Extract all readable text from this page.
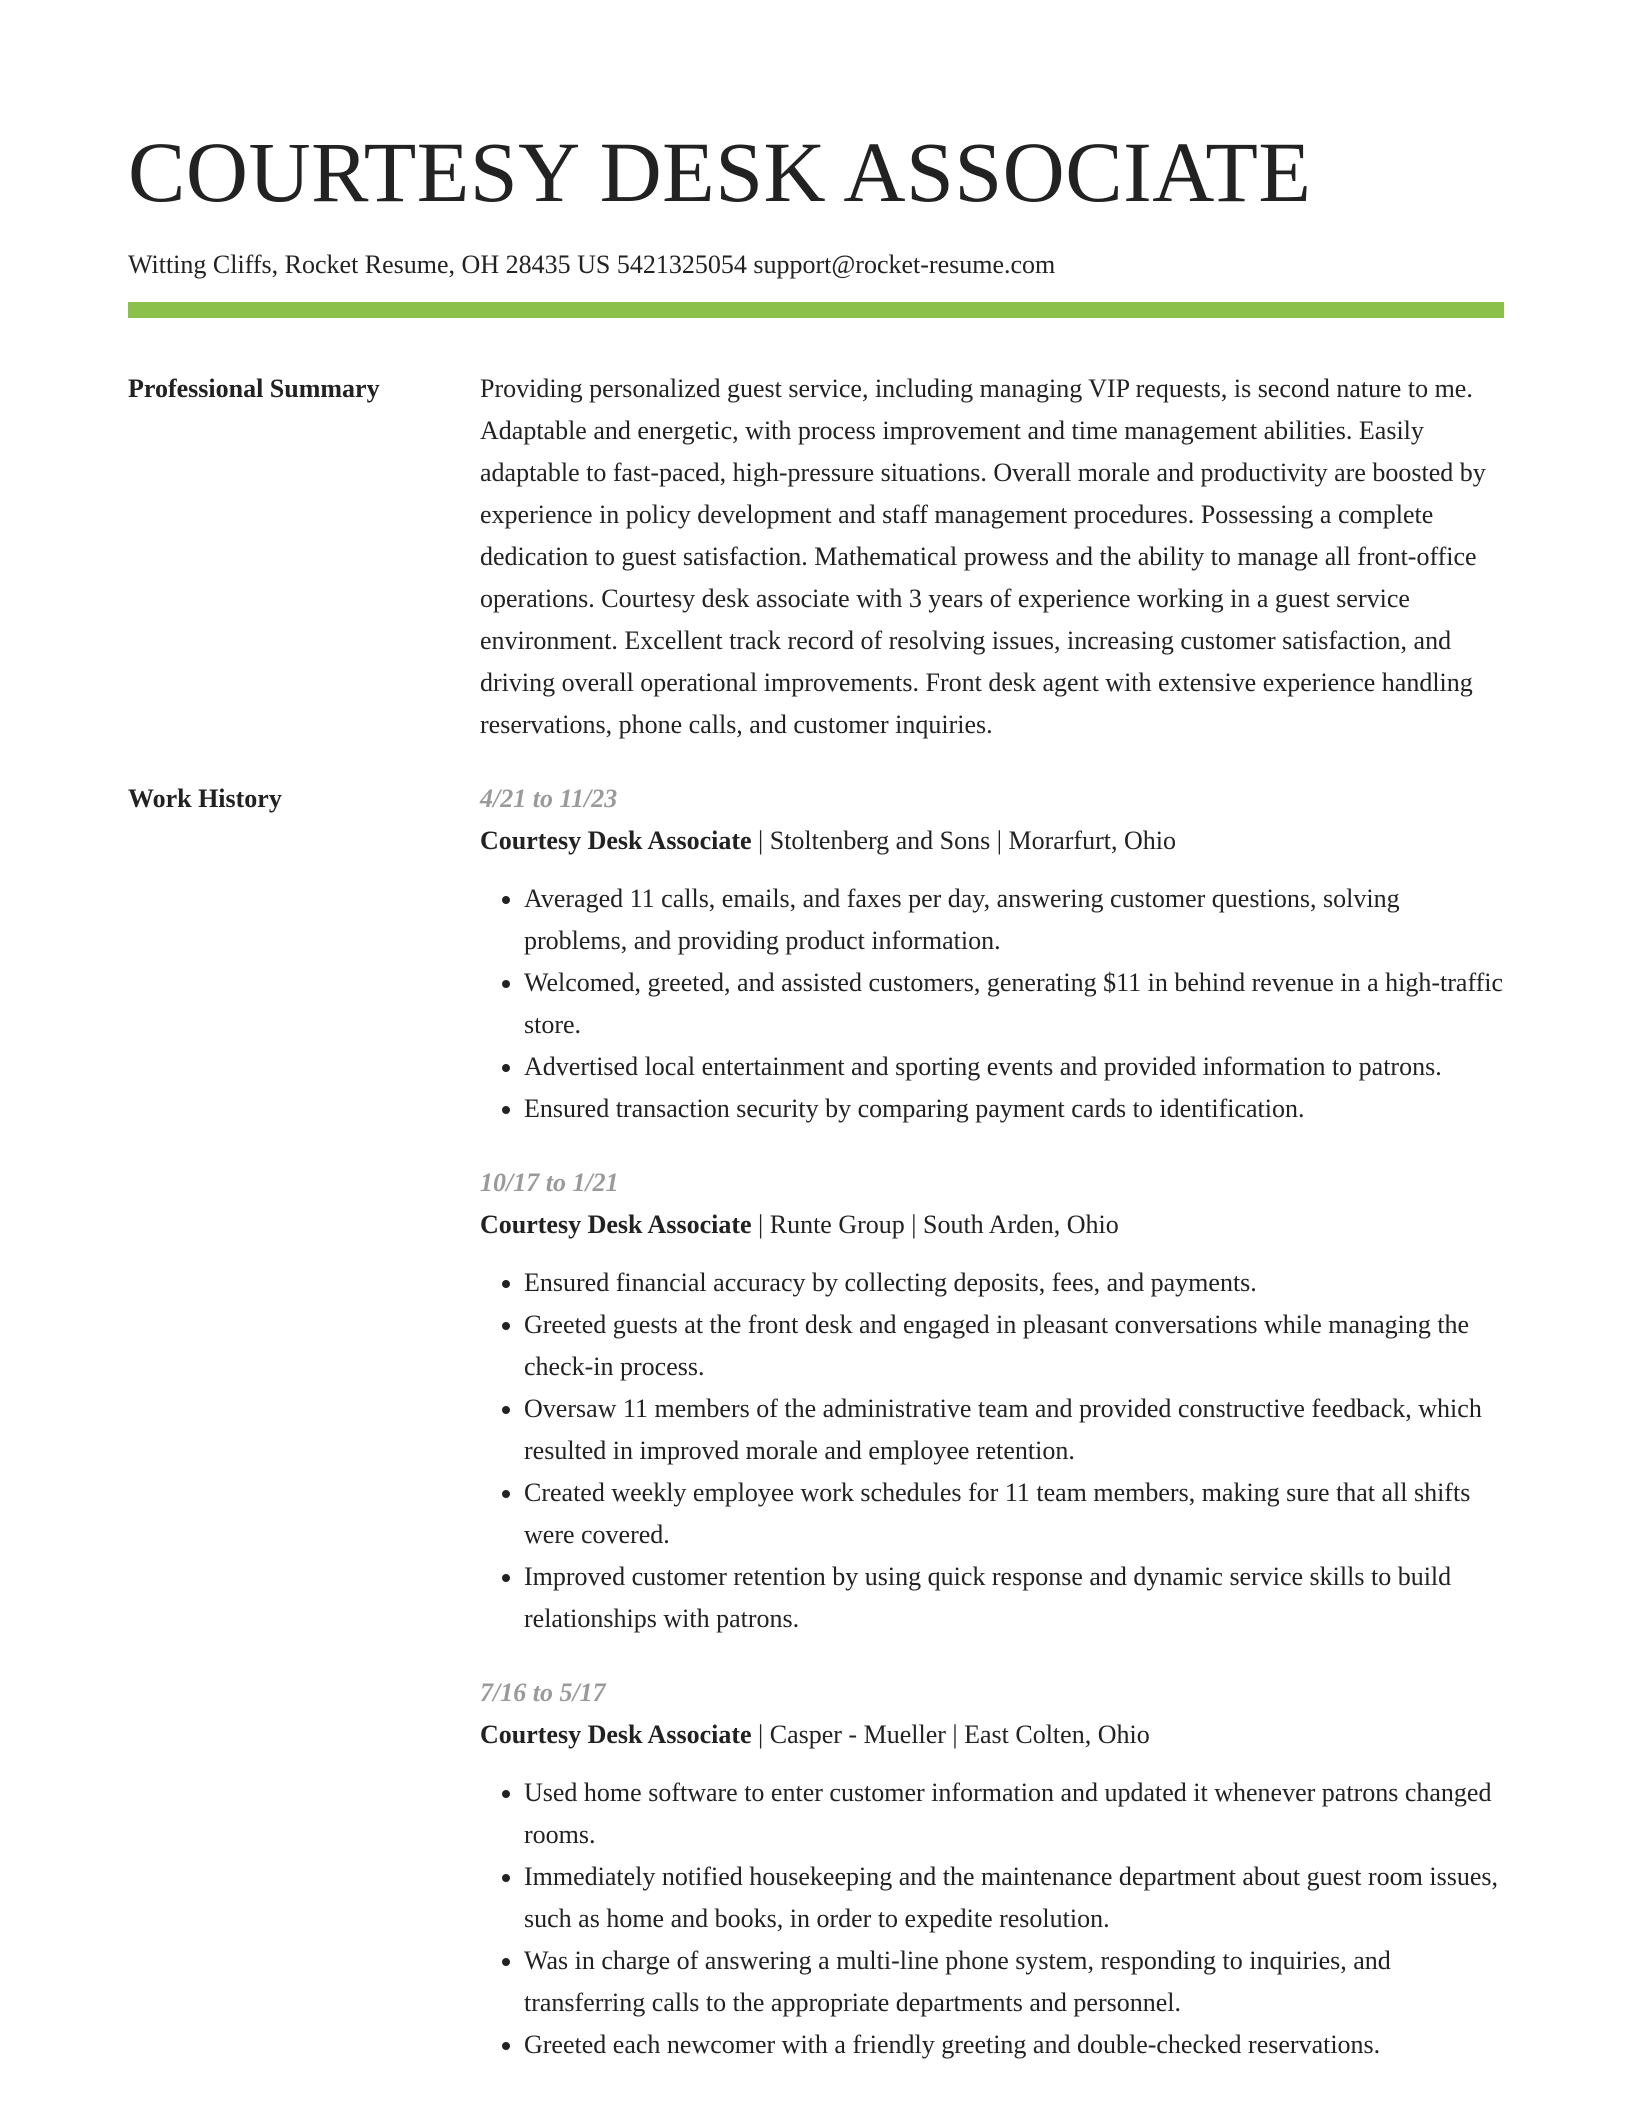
COURTESY DESK ASSOCIATE
Witting Cliffs, Rocket Resume, OH 28435 US 5421325054 support@rocket-resume.com
Professional Summary	Providing personalized guest service, including managing VIP requests, is second nature to me. Adaptable and energetic, with process improvement and time management abilities. Easily adaptable to fast-paced, high-pressure situations. Overall morale and productivity are boosted by experience in policy development and staff management procedures. Possessing a complete dedication to guest satisfaction. Mathematical prowess and the ability to manage all front-office operations. Courtesy desk associate with 3 years of experience working in a guest service environment. Excellent track record of resolving issues, increasing customer satisfaction, and driving overall operational improvements. Front desk agent with extensive experience handling reservations, phone calls, and customer inquiries.

Work History	4/21 to 11/23
Courtesy Desk Associate | Stoltenberg and Sons | Morarfurt, Ohio
• Averaged 11 calls, emails, and faxes per day, answering customer questions, solving problems, and providing product information.
• Welcomed, greeted, and assisted customers, generating $11 in behind revenue in a high-traffic store.
• Advertised local entertainment and sporting events and provided information to patrons.
• Ensured transaction security by comparing payment cards to identification.
10/17 to 1/21
Courtesy Desk Associate | Runte Group | South Arden, Ohio
• Ensured financial accuracy by collecting deposits, fees, and payments.
• Greeted guests at the front desk and engaged in pleasant conversations while managing the check-in process.
• Oversaw 11 members of the administrative team and provided constructive feedback, which resulted in improved morale and employee retention.
• Created weekly employee work schedules for 11 team members, making sure that all shifts were covered.
• Improved customer retention by using quick response and dynamic service skills to build relationships with patrons.
7/16 to 5/17
Courtesy Desk Associate | Casper - Mueller | East Colten, Ohio
• Used home software to enter customer information and updated it whenever patrons changed rooms.
• Immediately notified housekeeping and the maintenance department about guest room issues, such as home and books, in order to expedite resolution.
• Was in charge of answering a multi-line phone system, responding to inquiries, and transferring calls to the appropriate departments and personnel.
• Greeted each newcomer with a friendly greeting and double-checked reservations.
